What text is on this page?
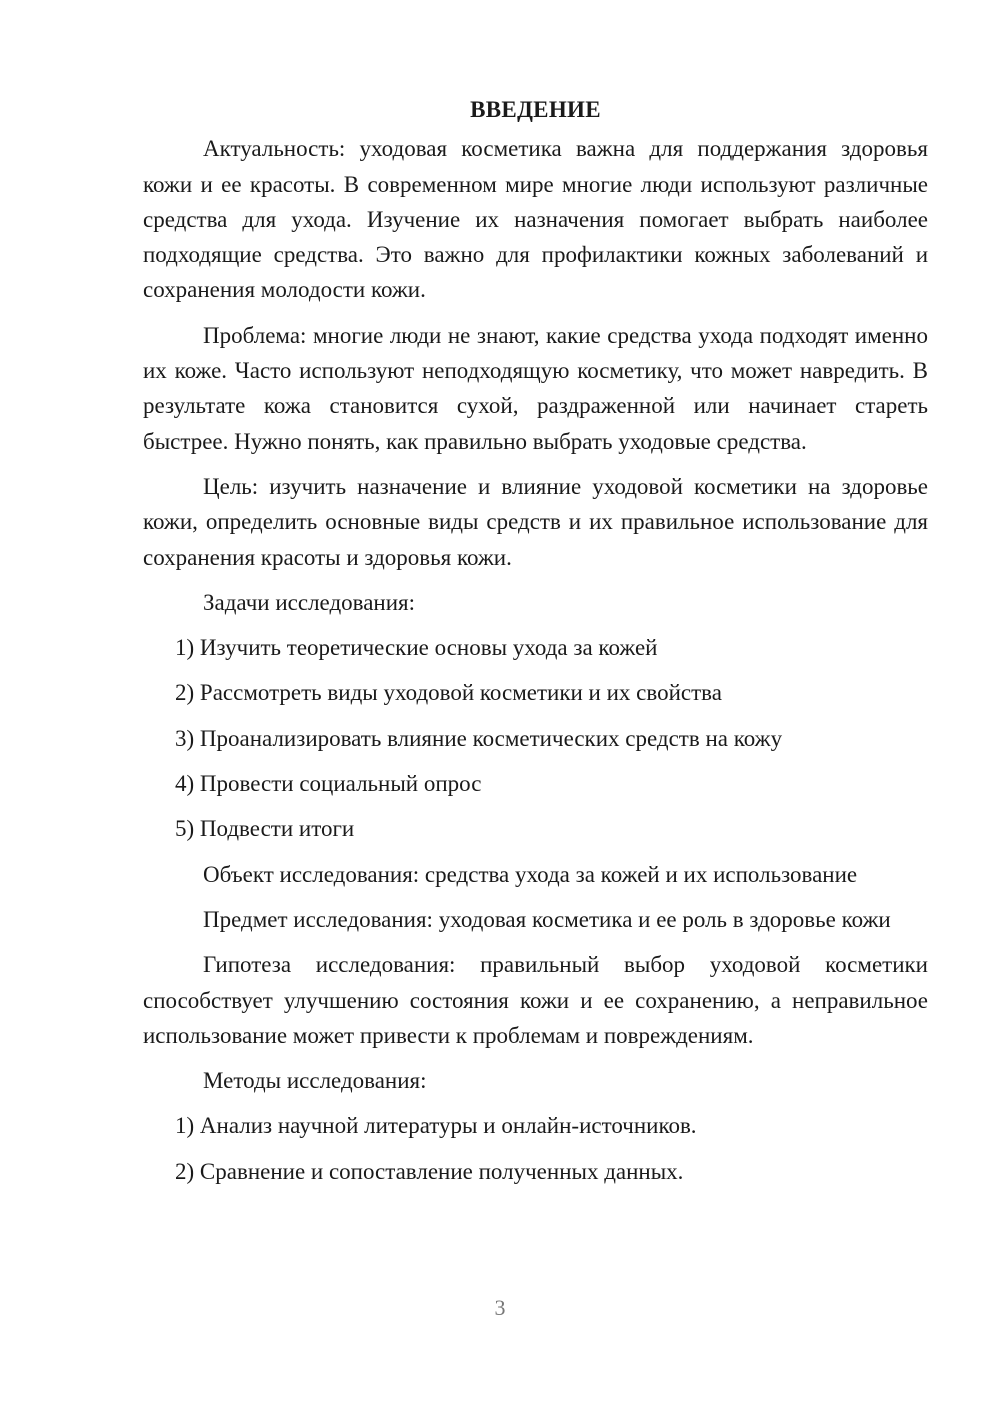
ВВЕДЕНИЕ

Актуальность: уходовая косметика важна для поддержания здоровья кожи и ее красоты. В современном мире многие люди используют различные средства для ухода. Изучение их назначения помогает выбрать наиболее подходящие средства. Это важно для профилактики кожных заболеваний и сохранения молодости кожи.

Проблема: многие люди не знают, какие средства ухода подходят именно их коже. Часто используют неподходящую косметику, что может навредить. В результате кожа становится сухой, раздраженной или начинает стареть быстрее. Нужно понять, как правильно выбрать уходовые средства.

Цель: изучить назначение и влияние уходовой косметики на здоровье кожи, определить основные виды средств и их правильное использование для сохранения красоты и здоровья кожи.

Задачи исследования:
1) Изучить теоретические основы ухода за кожей
2) Рассмотреть виды уходовой косметики и их свойства
3) Проанализировать влияние косметических средств на кожу
4) Провести социальный опрос
5) Подвести итоги

Объект исследования: средства ухода за кожей и их использование

Предмет исследования: уходовая косметика и ее роль в здоровье кожи

Гипотеза исследования: правильный выбор уходовой косметики способствует улучшению состояния кожи и ее сохранению, а неправильное использование может привести к проблемам и повреждениям.

Методы исследования:
1) Анализ научной литературы и онлайн-источников.
2) Сравнение и сопоставление полученных данных.
3
